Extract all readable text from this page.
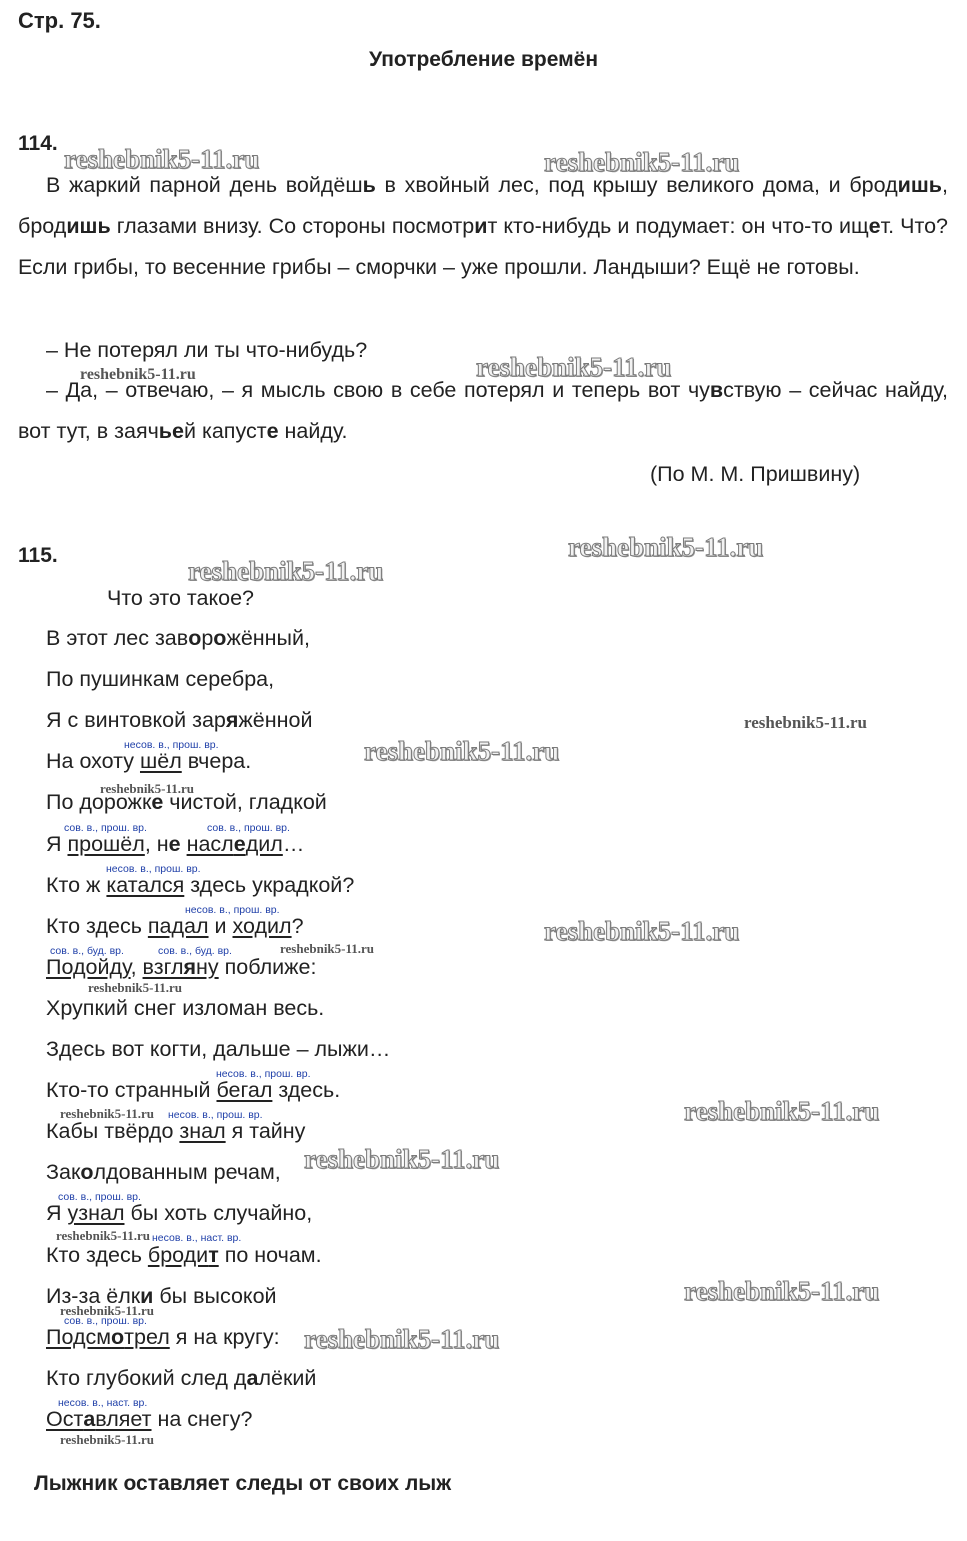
Стр. 75.
Употребление времён
114.
В жаркий парной день войдёшь в хвойный лес, под крышу великого дома, и бродишь, бродишь глазами внизу. Со стороны посмотрит кто-нибудь и подумает: он что-то ищет. Что? Если грибы, то весенние грибы – сморчки – уже прошли. Ландыши? Ещё не готовы.
– Не потерял ли ты что-нибудь?
– Да, – отвечаю, – я мысль свою в себе потерял и теперь вот чувствую – сейчас найду, вот тут, в заячьей капусте найду.
(По М. М. Пришвину)
115.
Что это такое?
В этот лес заворожённый,
По пушинкам серебра,
Я с винтовкой заряжённой
На охоту шёл вчера.
По дорожке чистой, гладкой
Я прошёл, не наследил…
Кто ж катался здесь украдкой?
Кто здесь падал и ходил?
Подойду, взгляну поближе:
Хрупкий снег изломан весь.
Здесь вот когти, дальше – лыжи…
Кто-то странный бегал здесь.
Кабы твёрдо знал я тайну
Заколдованным речам,
Я узнал бы хоть случайно,
Кто здесь бродит по ночам.
Из-за ёлки бы высокой
Подсмотрел я на кругу:
Кто глубокий след далёкий
Оставляет на снегу?
несов. в., прош. вр.
сов. в., прош. вр.	сов. в., прош. вр.
несов. в., прош. вр.
несов. в., прош. вр.
сов. в., буд. вр.	сов. в., буд. вр.
несов. в., прош. вр.
несов. в., прош. вр.
сов. в., прош. вр.
несов. в., наст. вр.
сов. в., прош. вр.
несов. в., наст. вр.
Лыжник оставляет следы от своих лыж
reshebnik5-11.ru	reshebnik5-11.ru
reshebnik5-11.ru
reshebnik5-11.ru
reshebnik5-11.ru
reshebnik5-11.ru
reshebnik5-11.ru
reshebnik5-11.ru
reshebnik5-11.ru
reshebnik5-11.ru
reshebnik5-11.ru
reshebnik5-11.ru
reshebnik5-11.ru
reshebnik5-11.ru
reshebnik5-11.ru
reshebnik5-11.ru
reshebnik5-11.ru
reshebnik5-11.ru
reshebnik5-11.ru
reshebnik5-11.ru
